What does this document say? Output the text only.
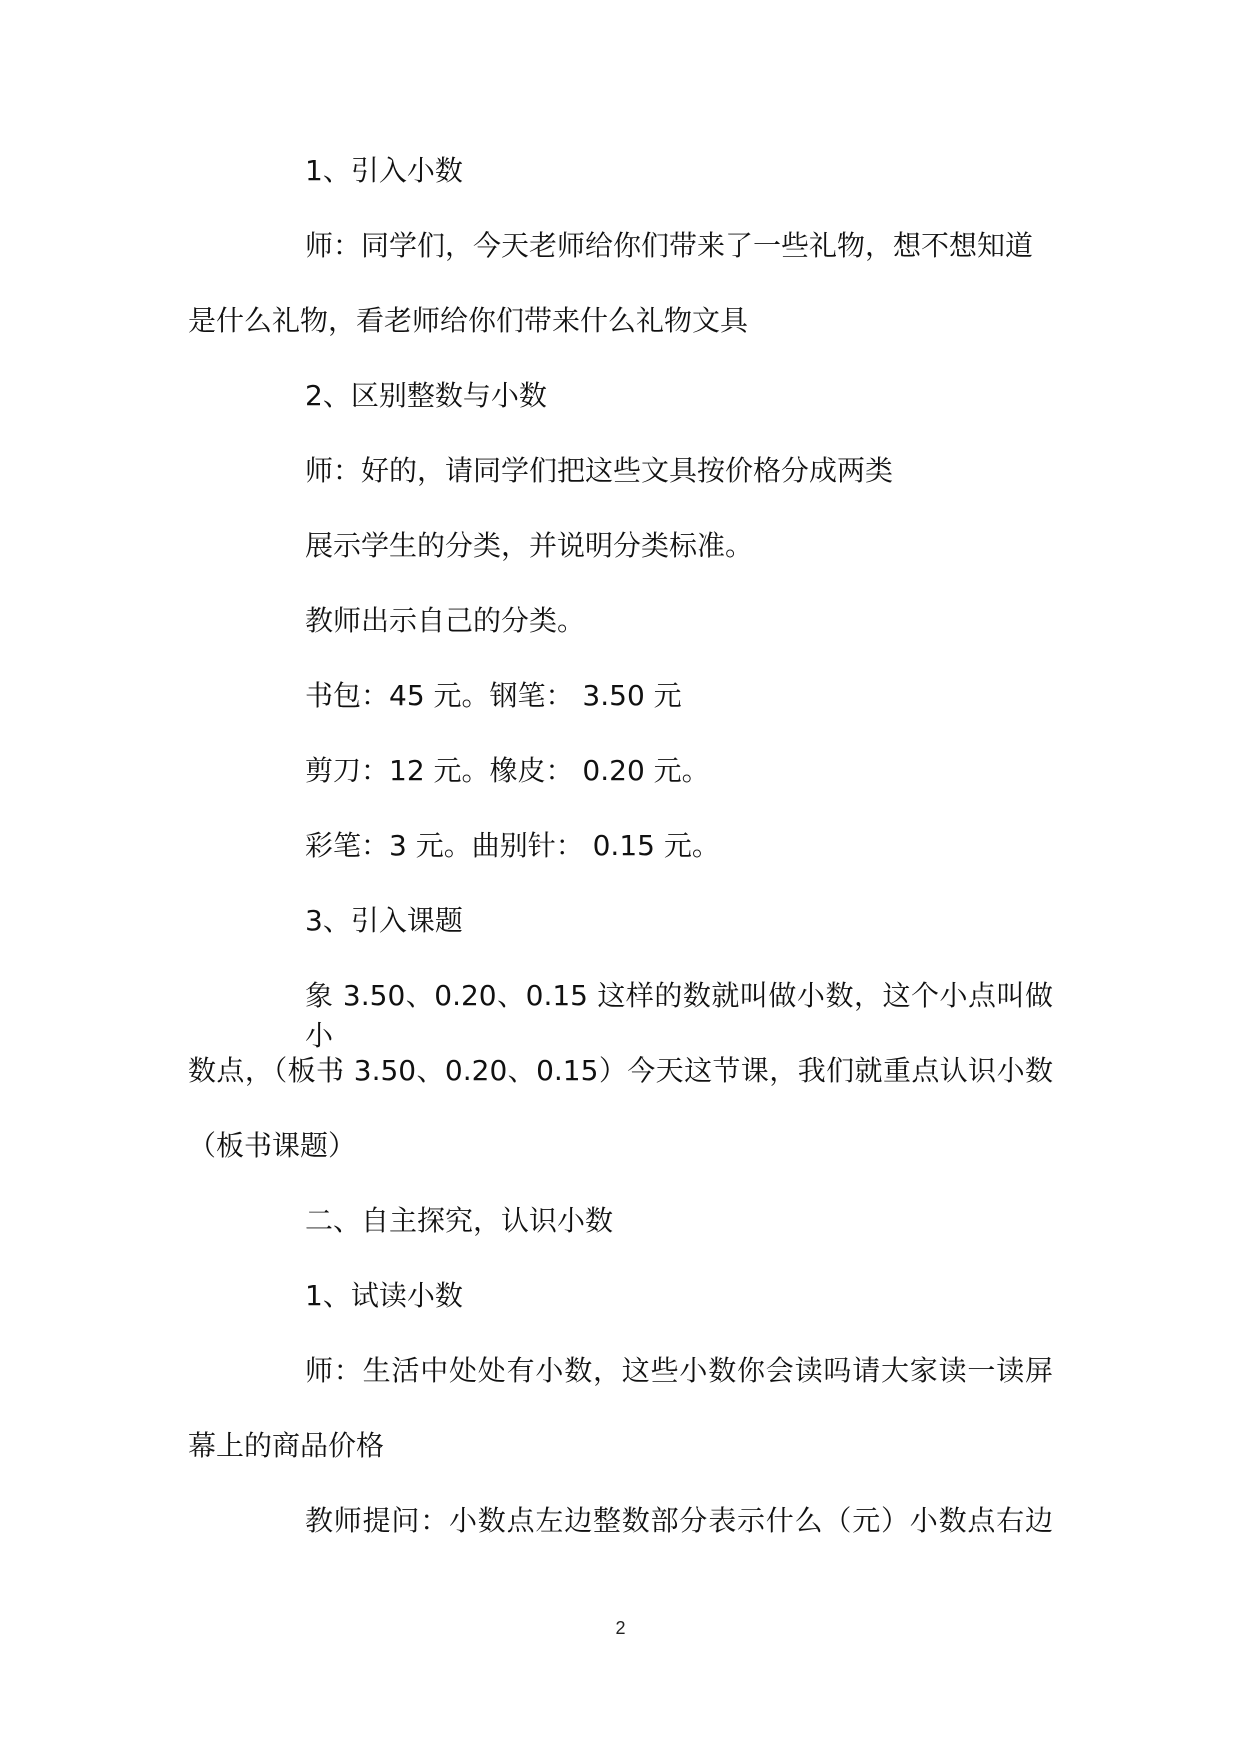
1、引入小数
师：同学们，今天老师给你们带来了一些礼物，想不想知道
是什么礼物，看老师给你们带来什么礼物文具
2、区别整数与小数
师：好的，请同学们把这些文具按价格分成两类
展示学生的分类，并说明分类标准。
教师出示自己的分类。
书包：45 元。钢笔： 3.50 元
剪刀：12 元。橡皮： 0.20 元。
彩笔：3 元。曲别针： 0.15 元。
3、引入课题
象 3.50、0.20、0.15 这样的数就叫做小数，这个小点叫做小
数点，（板书 3.50、0.20、0.15）今天这节课，我们就重点认识小数
（板书课题）
二、自主探究，认识小数
1、试读小数
师：生活中处处有小数，这些小数你会读吗请大家读一读屏
幕上的商品价格
教师提问：小数点左边整数部分表示什么（元）小数点右边
2
